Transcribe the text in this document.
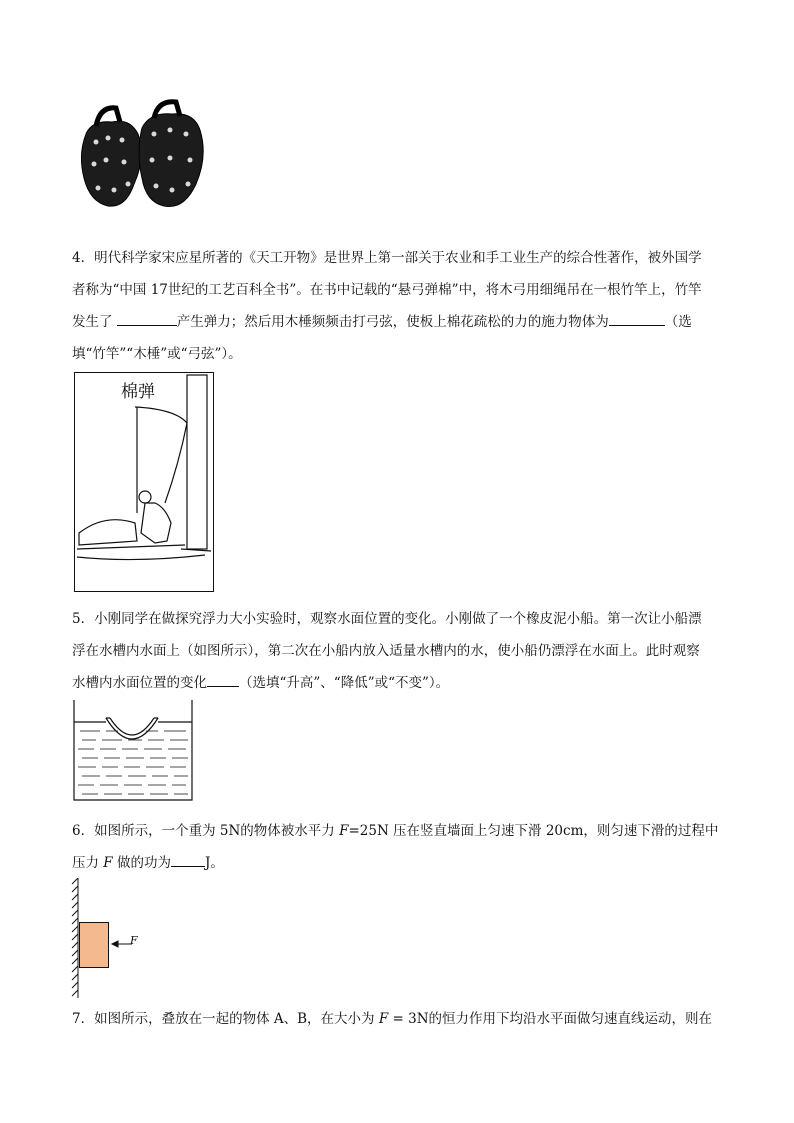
4．明代科学家宋应星所著的《天工开物》是世界上第一部关于农业和手工业生产的综合性著作，被外国学

者称为“中国 17世纪的工艺百科全书”。在书中记载的“悬弓弹棉”中，将木弓用细绳吊在一根竹竿上，竹竿

发生了	产生弹力；然后用木棰频频击打弓弦，使板上棉花疏松的力的施力物体为	（选

填“竹竿”“木棰”或“弓弦”）。

棉弹

5．小刚同学在做探究浮力大小实验时，观察水面位置的变化。小刚做了一个橡皮泥小船。第一次让小船漂

浮在水槽内水面上（如图所示），第二次在小船内放入适量水槽内的水，使小船仍漂浮在水面上。此时观察

水槽内水面位置的变化 （选填“升高”、“降低”或“不变”）。

6．如图所示，一个重为 5N的物体被水平力 F=25N 压在竖直墙面上匀速下滑 20cm，则匀速下滑的过程中

压力 F 做的功为	J。

F

7．如图所示，叠放在一起的物体 A、B，在大小为 F = 3N的恒力作用下均沿水平面做匀速直线运动，则在
